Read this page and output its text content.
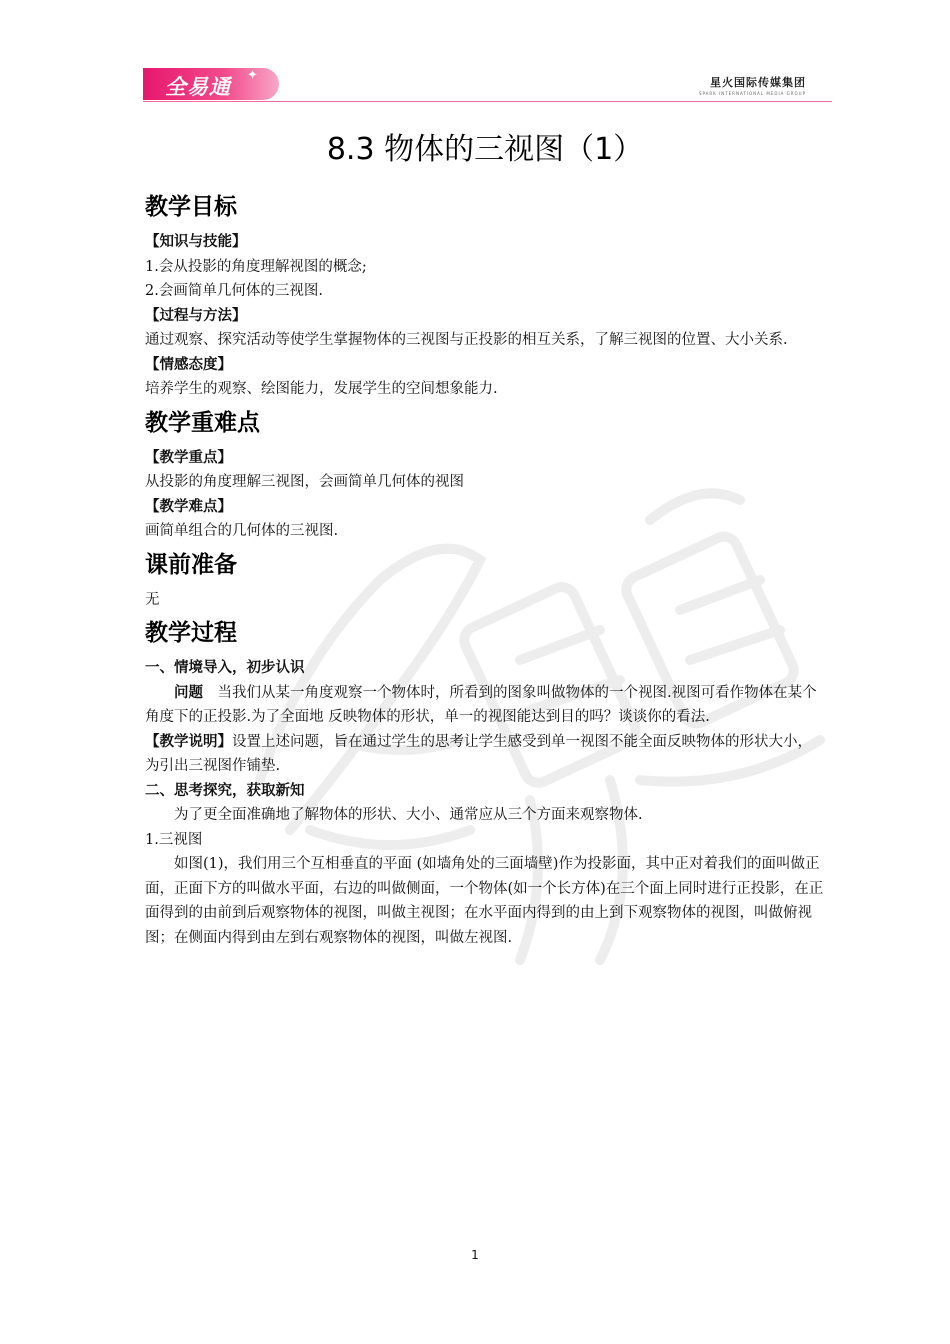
全易通 ✦	星火国际传媒集团
SPARK INTERNATIONAL MEDIA GROUP
8.3 物体的三视图（1）
教学目标

【知识与技能】

1.会从投影的角度理解视图的概念;

2.会画简单几何体的三视图.

【过程与方法】

通过观察、探究活动等使学生掌握物体的三视图与正投影的相互关系，了解三视图的位置、大小关系.

【情感态度】

培养学生的观察、绘图能力，发展学生的空间想象能力.

教学重难点

【教学重点】

从投影的角度理解三视图，会画简单几何体的视图

【教学难点】

画简单组合的几何体的三视图.

课前准备

无

教学过程

一、情境导入，初步认识

问题　 当我们从某一角度观察一个物体时，所看到的图象叫做物体的一个视图.视图可看作物体在某个角度下的正投影.为了全面地 反映物体的形状，单一的视图能达到目的吗？谈谈你的看法.

【教学说明】设置上述问题，旨在通过学生的思考让学生感受到单一视图不能全面反映物体的形状大小，为引出三视图作铺垫.

二、思考探究，获取新知

为了更全面准确地了解物体的形状、大小、通常应从三个方面来观察物体.

1.三视图

如图(1)，我们用三个互相垂直的平面 (如墙角处的三面墙壁)作为投影面，其中正对着我们的面叫做正面，正面下方的叫做水平面，右边的叫做侧面，一个物体(如一个长方体)在三个面上同时进行正投影，在正面得到的由前到后观察物体的视图，叫做主视图；在水平面内得到的由上到下观察物体的视图，叫做俯视图；在侧面内得到由左到右观察物体的视图，叫做左视图.

1
